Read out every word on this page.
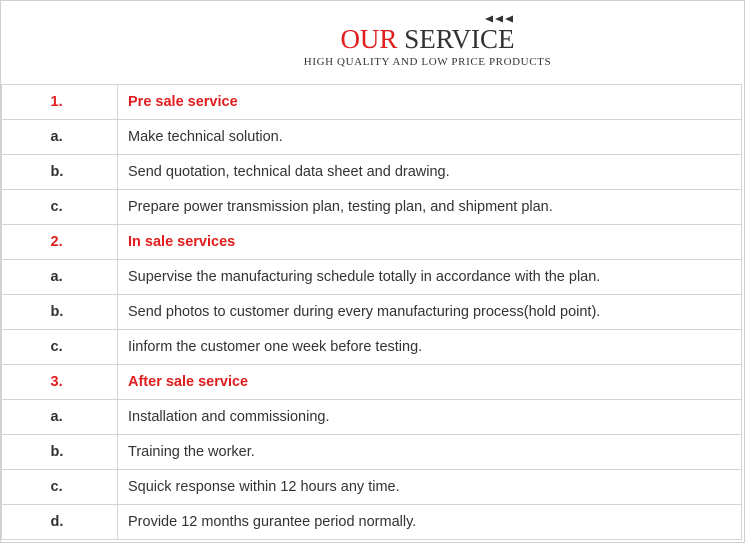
OUR SERVICE
HIGH QUALITY AND LOW PRICE PRODUCTS
1.	Pre sale service
a.	Make technical solution.
b.	Send quotation, technical data sheet and drawing.
c.	Prepare power transmission plan, testing plan, and shipment plan.
2.	In sale services
a.	Supervise the manufacturing schedule totally in accordance with the plan.
b.	Send photos to customer during every manufacturing process(hold point).
c.	Iinform the customer one week before testing.
3.	After sale service
a.	Installation and commissioning.
b.	Training the worker.
c.	Squick response within 12 hours any time.
d.	Provide 12 months gurantee period normally.
